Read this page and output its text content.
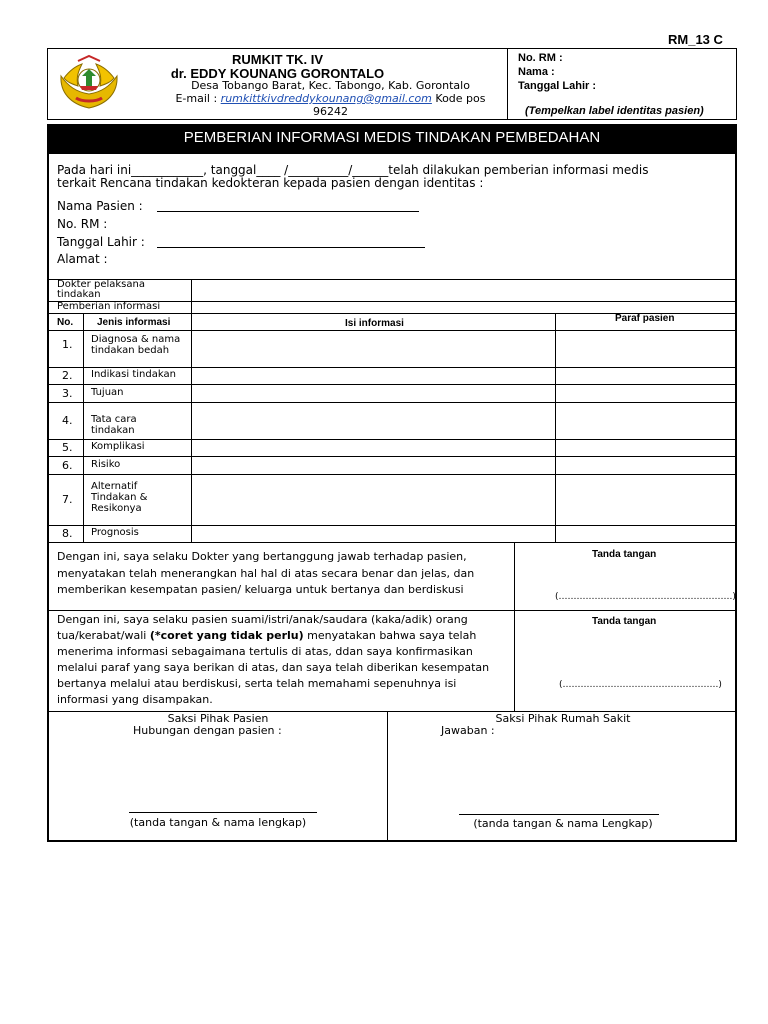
RM_13 C
RUMKIT TK. IV
dr. EDDY KOUNANG GORONTALO
Desa Tobango Barat, Kec. Tabongo, Kab. Gorontalo
E-mail : rumkittkivdreddykounang@gmail.com Kode pos
96242
No. RM :
Nama :
Tanggal Lahir :
(Tempelkan label identitas pasien)
PEMBERIAN INFORMASI MEDIS TINDAKAN PEMBEDAHAN
Pada hari ini____________, tanggal____ /__________/______telah dilakukan pemberian informasi medis
terkait Rencana tindakan kedokteran kepada pasien dengan identitas :
Nama Pasien :
No. RM :
Tanggal Lahir :
Alamat :
Dokter pelaksana tindakan
Pemberian informasi
No. Jenis informasi	Isi informasi	Paraf pasien
1. Diagnosa & nama tindakan bedah
2. Indikasi tindakan
3. Tujuan
4. Tata cara tindakan
5. Komplikasi
6. Risiko
7.
Alternatif Tindakan & Resikonya
8. Prognosis
Dengan ini, saya selaku Dokter yang bertanggung jawab terhadap pasien,
menyatakan telah menerangkan hal hal di atas secara benar dan jelas, dan
memberikan kesempatan pasien/ keluarga untuk bertanya dan berdiskusi
Tanda tangan
(………………………………………………….)
Dengan ini, saya selaku pasien suami/istri/anak/saudara (kaka/adik) orang
tua/kerabat/wali (*coret yang tidak perlu) menyatakan bahwa saya telah
menerima informasi sebagaimana tertulis di atas, ddan saya konfirmasikan
melalui paraf yang saya berikan di atas, dan saya telah diberikan kesempatan
bertanya melalui atau berdiskusi, serta telah memahami sepenuhnya isi
informasi yang disampakan.
Tanda tangan
(…………………………………………….)
Saksi Pihak Pasien
Hubungan dengan pasien :
(tanda tangan & nama lengkap)
Saksi Pihak Rumah Sakit
Jawaban :
(tanda tangan & nama Lengkap)
